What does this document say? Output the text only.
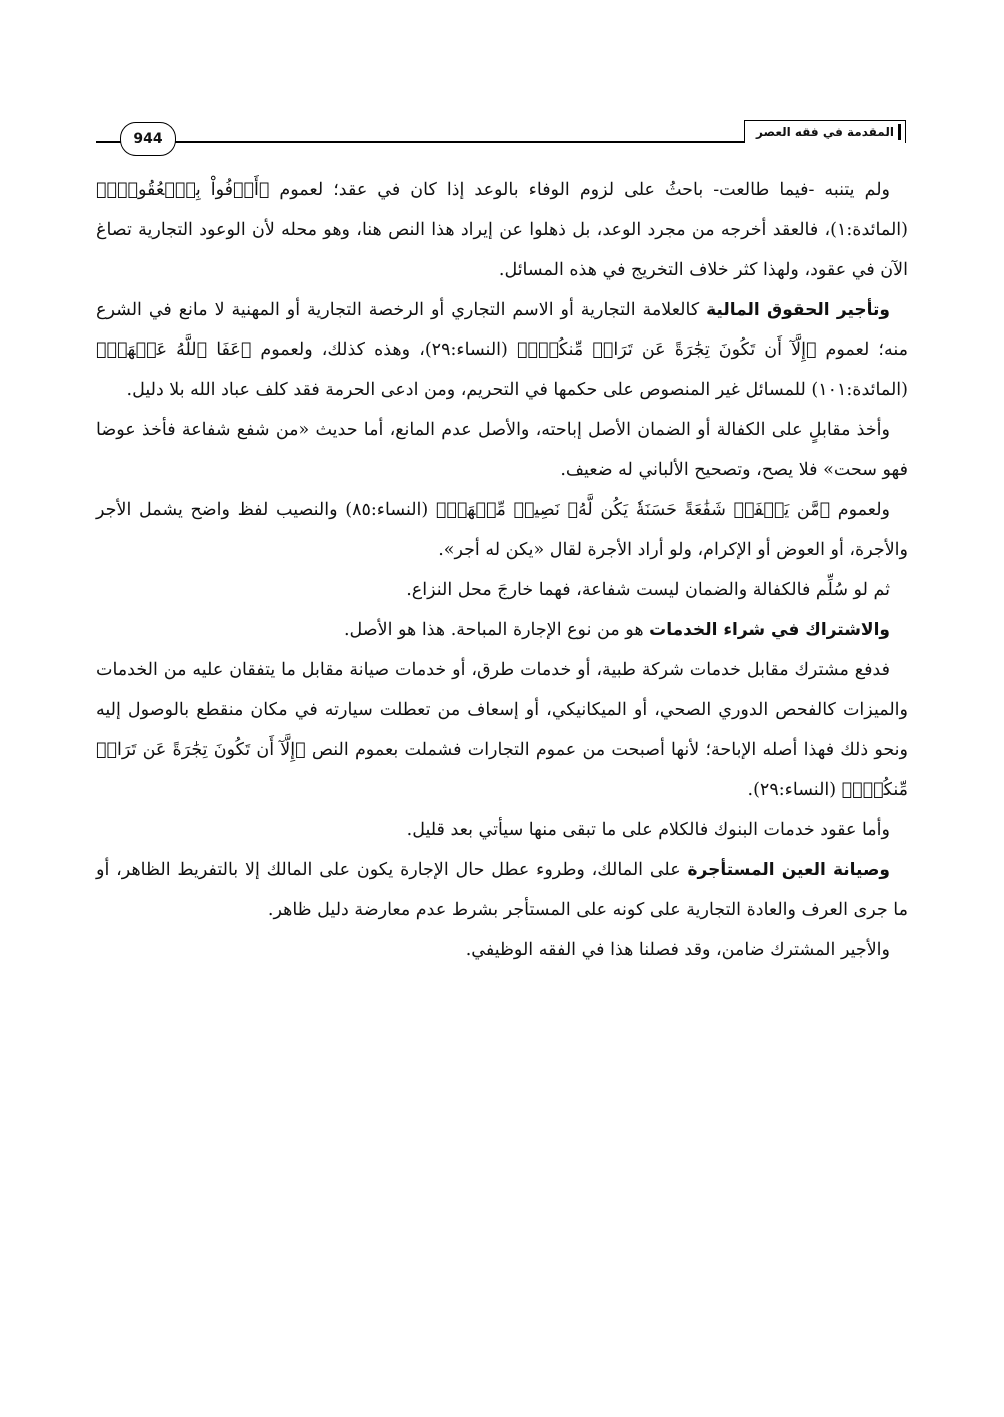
المقدمة في فقه العصر
944

ولم يتنبه -فيما طالعت- باحثُ على لزوم الوفاء بالوعد إذا كان في عقد؛ لعموم ﴿أَوۡفُواْ بِٱلۡعُقُودِۚ﴾ (المائدة:١)، فالعقد أخرجه من مجرد الوعد، بل ذهلوا عن إيراد هذا النص هنا، وهو محله لأن الوعود التجارية تصاغ الآن في عقود، ولهذا كثر خلاف التخريج في هذه المسائل.

وتأجير الحقوق المالية كالعلامة التجارية أو الاسم التجاري أو الرخصة التجارية أو المهنية لا مانع في الشرع منه؛ لعموم ﴿إِلَّآ أَن تَكُونَ تِجَٰرَةً عَن تَرَاضٖ مِّنكُمۡۚ﴾ (النساء:٢٩)، وهذه كذلك، ولعموم ﴿عَفَا ٱللَّهُ عَنۡهَاۗ﴾ (المائدة:١٠١) للمسائل غير المنصوص على حكمها في التحريم، ومن ادعى الحرمة فقد كلف عباد الله بلا دليل.

وأخذ مقابلٍ على الكفالة أو الضمان الأصل إباحته، والأصل عدم المانع، أما حديث «من شفع شفاعة فأخذ عوضا فهو سحت» فلا يصح، وتصحيح الألباني له ضعيف.

ولعموم ﴿مَّن يَشۡفَعۡ شَفَٰعَةً حَسَنَةٗ يَكُن لَّهُۥ نَصِيبٞ مِّنۡهَاۖ﴾ (النساء:٨٥) والنصيب لفظ واضح يشمل الأجر والأجرة، أو العوض أو الإكرام، ولو أراد الأجرة لقال «يكن له أجر».

ثم لو سُلِّم فالكفالة والضمان ليست شفاعة، فهما خارجَ محل النزاع.

والاشتراك في شراء الخدمات هو من نوع الإجارة المباحة. هذا هو الأصل.

فدفع مشترك مقابل خدمات شركة طبية، أو خدمات طرق، أو خدمات صيانة مقابل ما يتفقان عليه من الخدمات والميزات كالفحص الدوري الصحي، أو الميكانيكي، أو إسعاف من تعطلت سيارته في مكان منقطع بالوصول إليه ونحو ذلك فهذا أصله الإباحة؛ لأنها أصبحت من عموم التجارات فشملت بعموم النص ﴿إِلَّآ أَن تَكُونَ تِجَٰرَةً عَن تَرَاضٖ مِّنكُمۡۚ﴾ (النساء:٢٩).

وأما عقود خدمات البنوك فالكلام على ما تبقى منها سيأتي بعد قليل.

وصيانة العين المستأجرة على المالك، وطروء عطل حال الإجارة يكون على المالك إلا بالتفريط الظاهر، أو ما جرى العرف والعادة التجارية على كونه على المستأجر بشرط عدم معارضة دليل ظاهر.

والأجير المشترك ضامن، وقد فصلنا هذا في الفقه الوظيفي.
